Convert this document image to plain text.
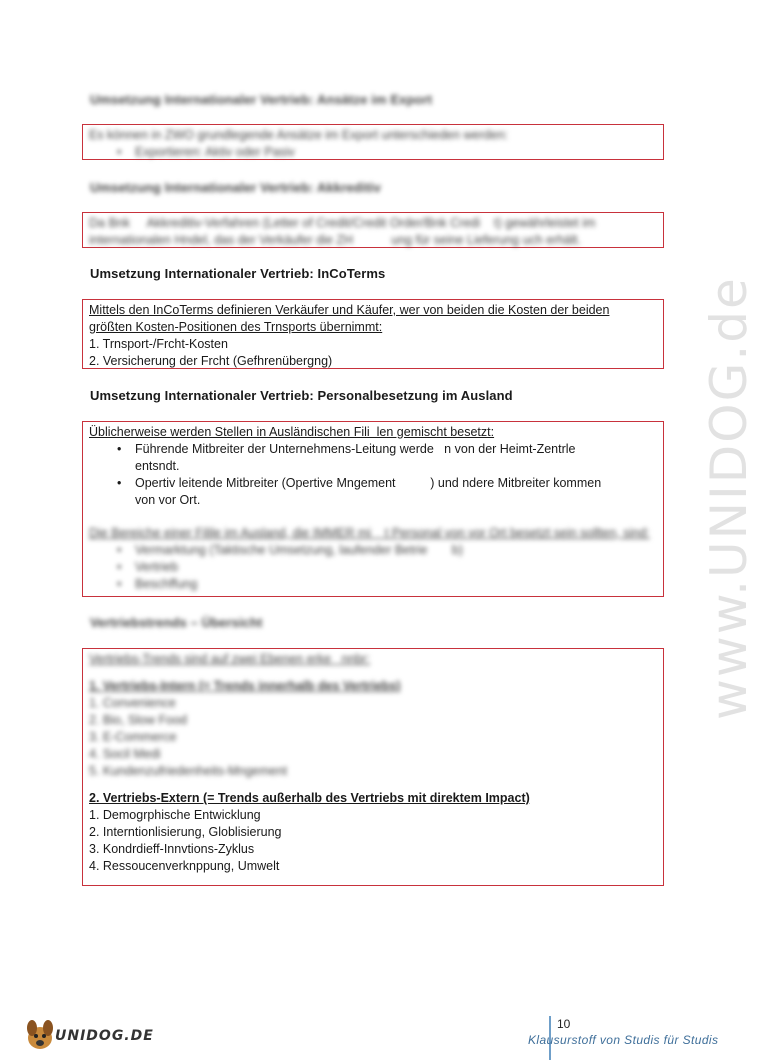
Umsetzung Internationaler Vertrieb: Ansätze im Export
Es können in ZWO grundlegende Ansätze im Export unterschieden werden:
• Exportieren: Aktiv oder Pasiv
Umsetzung Internationaler Vertrieb: Akkreditiv
Da Bnk     Akkreditiv-Verfahren (Letter of Credit/Credit Order/Bnk Credi    t) gewährleistet im
internationalen Hndel, das der Verkäufer die ZH           ung für seine Lieferung uch erhält.
Umsetzung Internationaler Vertrieb: InCoTerms
Mittels den InCoTerms definieren Verkäufer und Käufer, wer von beiden die Kosten der beiden
größten Kosten-Positionen des Trnsports übernimmt:
1. Trnsport-/Frcht-Kosten
2. Versicherung der Frcht (Gefhrenübergng)
Umsetzung Internationaler Vertrieb: Personalbesetzung im Ausland
Üblicherweise werden Stellen in Ausländischen Fili  len gemischt besetzt:
• Führende Mitbreiter der Unternehmens-Leitung werde   n von der Heimt-Zentrle
entsndt.
• Opertiv leitende Mitbreiter (Opertive Mngement          ) und ndere Mitbreiter kommen
von vor Ort.
Die Bereiche einer Filile im Ausland, die IMMER mi    t Personal von vor Ort besetzt sein sollten, sind:
• Vermarktung (Taktische Umsetzung, laufender Betrie       b)
• Vertrieb
• Beschffung
Vertriebstrends – Übersicht
Vertriebs-Trends sind auf zwei Ebenen erke   nnbr:
1. Vertriebs-Intern (= Trends innerhalb des Vertriebs)
1. Convenience
2. Bio, Slow Food
3. E-Commerce
4. Socil Medi
5. Kundenzufriedenheits-Mngement
2. Vertriebs-Extern (= Trends außerhalb des Vertriebs mit direktem Impact)
1. Demogrphische Entwicklung
2. Interntionlisierung, Globlisierung
3. Kondrdieff-Innvtions-Zyklus
4. Ressoucenverknppung, Umwelt
www.UNIDOG.de
UNIDOG.DE
10
Klausurstoff von Studis für Studis
